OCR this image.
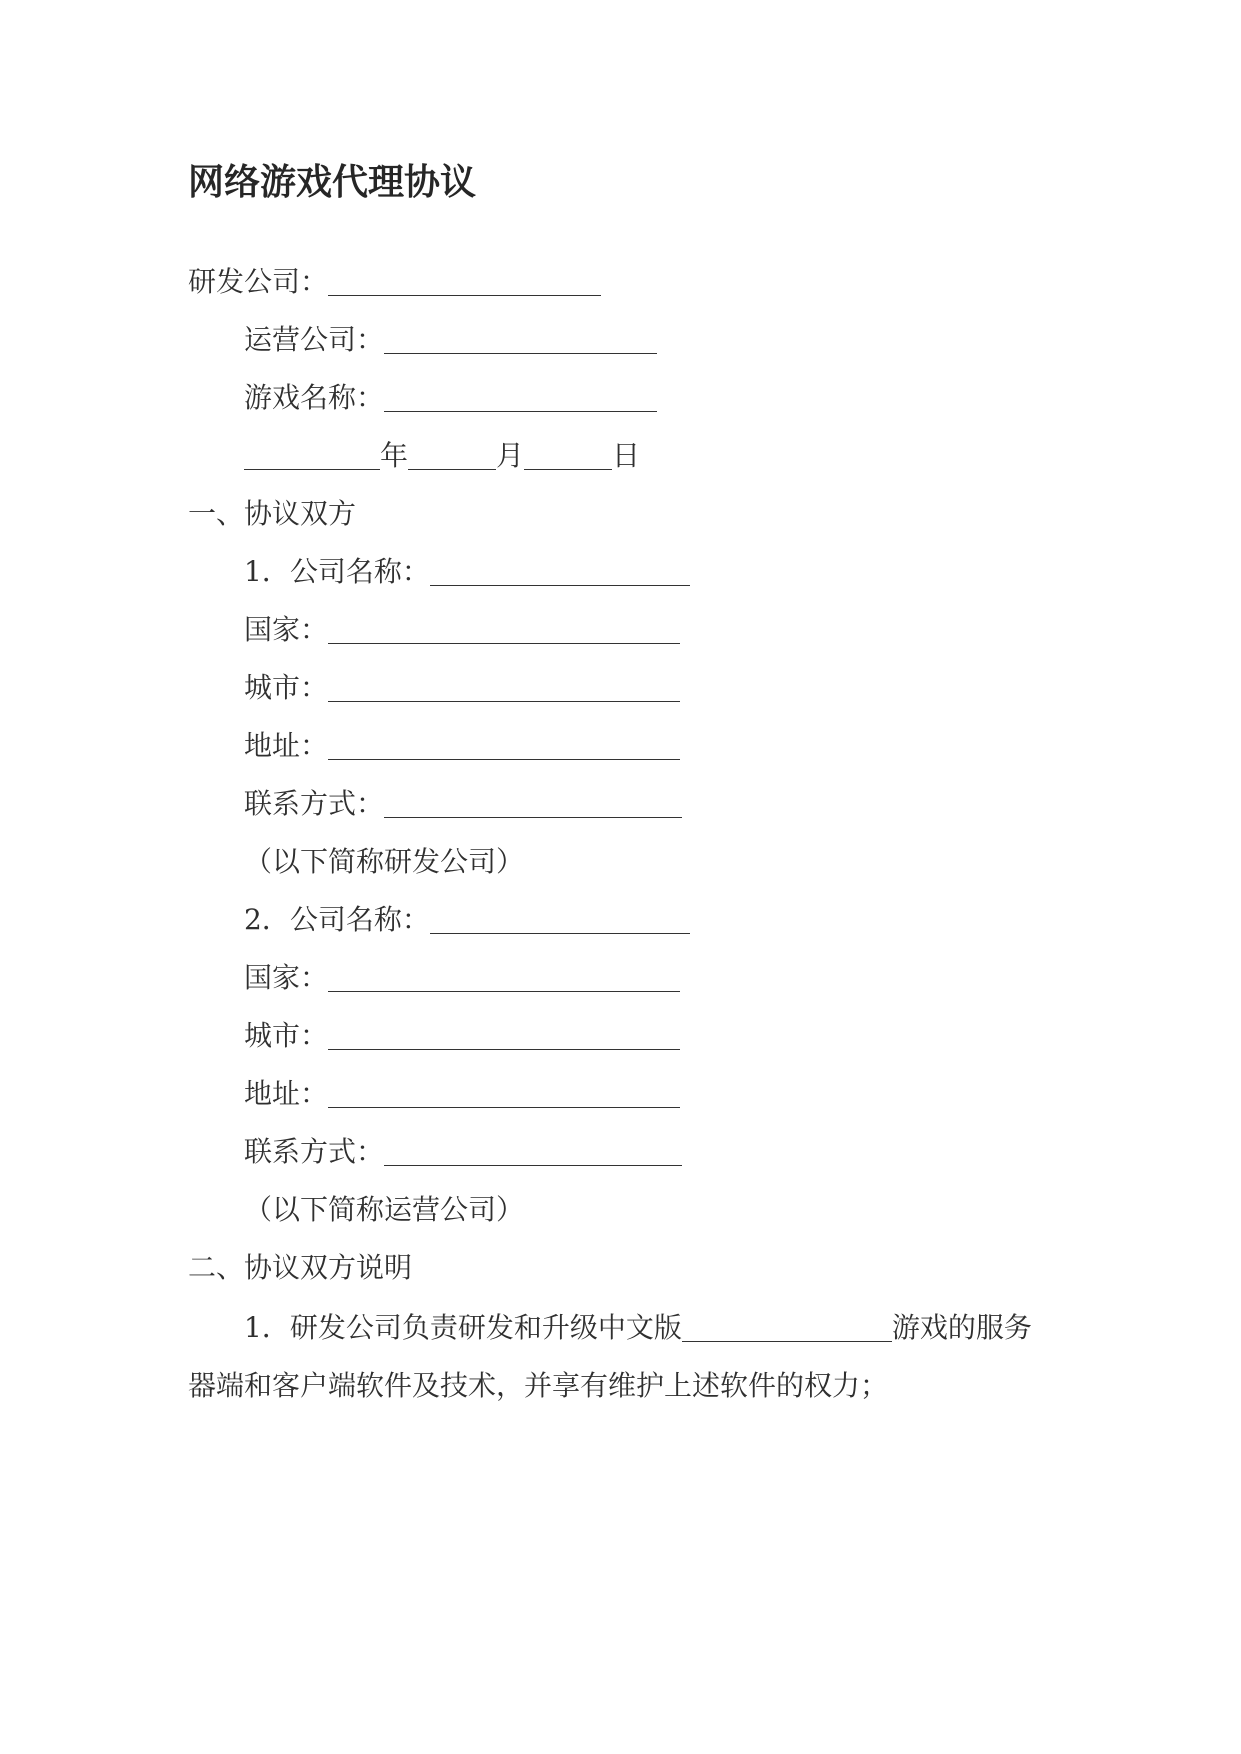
网络游戏代理协议
研发公司：
运营公司：
游戏名称：
年	月	日
一、协议双方
1．公司名称：
国家：
城市：
地址：
联系方式：
（以下简称研发公司）
2．公司名称：
国家：
城市：
地址：
联系方式：
（以下简称运营公司）
二、协议双方说明
1．研发公司负责研发和升级中文版	游戏的服务
器端和客户端软件及技术，并享有维护上述软件的权力；
